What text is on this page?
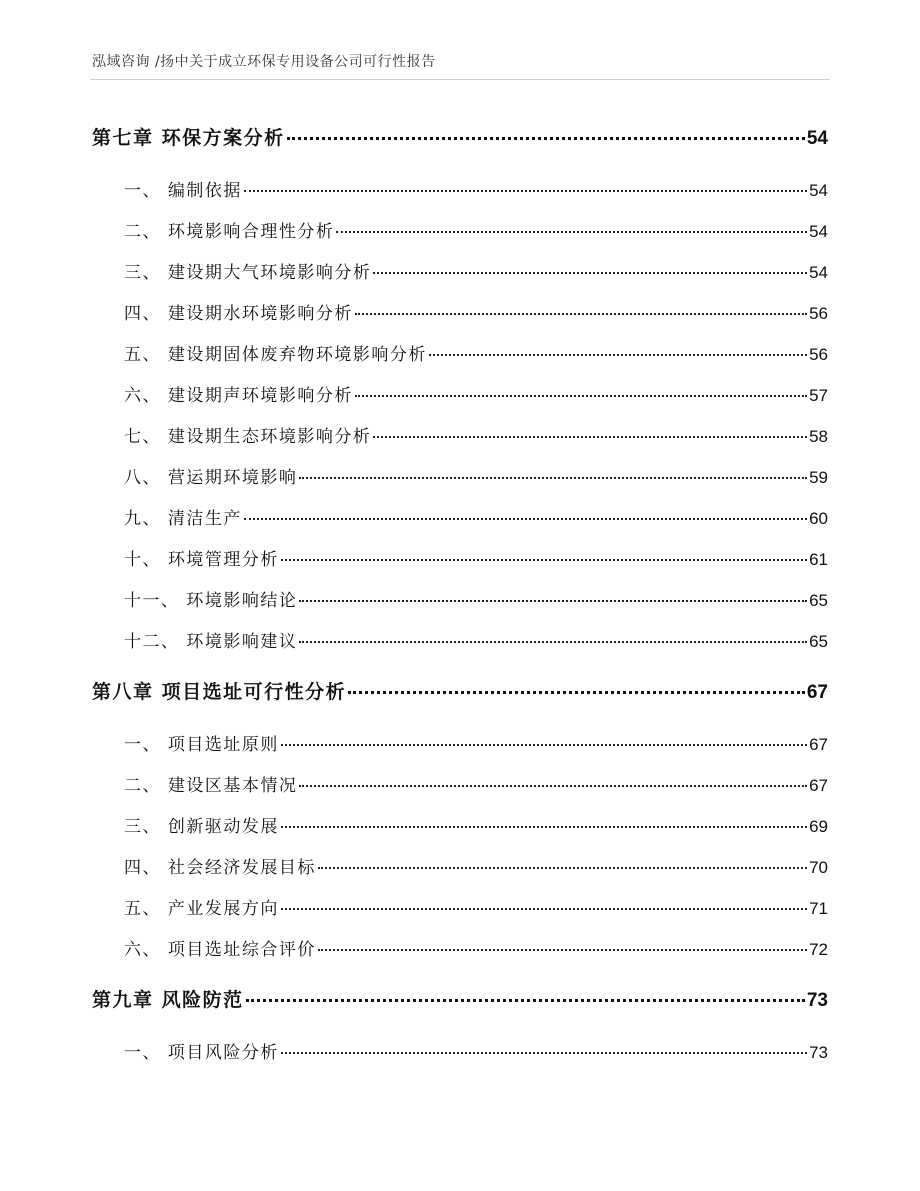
泓域咨询 /扬中关于成立环保专用设备公司可行性报告
第七章 环保方案分析	54
一、 编制依据	54
二、 环境影响合理性分析	54
三、 建设期大气环境影响分析	54
四、 建设期水环境影响分析	56
五、 建设期固体废弃物环境影响分析	56
六、 建设期声环境影响分析	57
七、 建设期生态环境影响分析	58
八、 营运期环境影响	59
九、 清洁生产	60
十、 环境管理分析	61
十一、 环境影响结论	65
十二、 环境影响建议	65
第八章 项目选址可行性分析	67
一、 项目选址原则	67
二、 建设区基本情况	67
三、 创新驱动发展	69
四、 社会经济发展目标	70
五、 产业发展方向	71
六、 项目选址综合评价	72
第九章 风险防范	73
一、 项目风险分析	73
